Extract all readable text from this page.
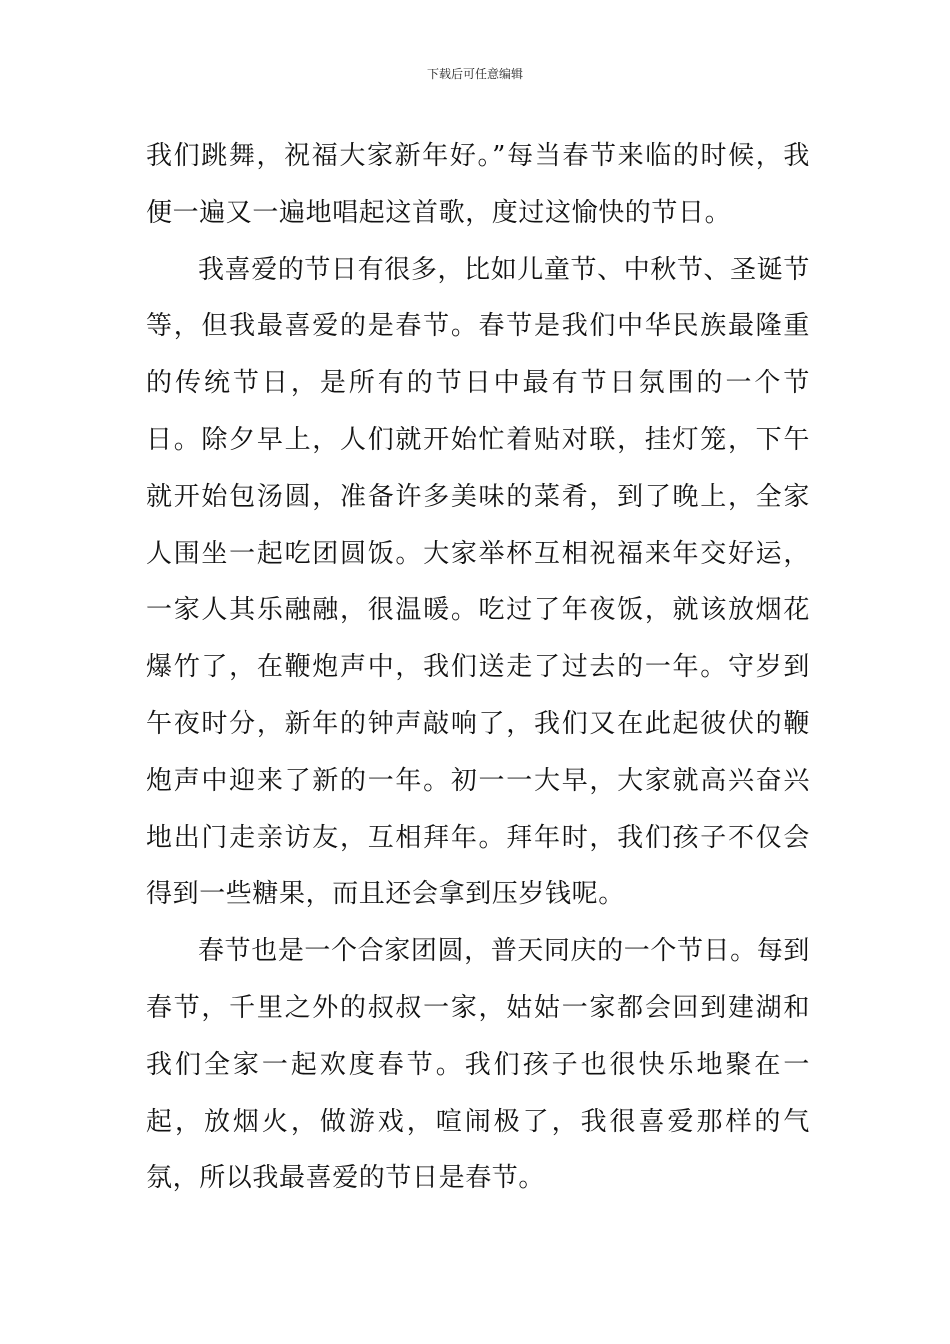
下载后可任意编辑

我们跳舞，祝福大家新年好。”每当春节来临的时候，我便一遍又一遍地唱起这首歌，度过这愉快的节日。

我喜爱的节日有很多，比如儿童节、中秋节、圣诞节等，但我最喜爱的是春节。春节是我们中华民族最隆重的传统节日，是所有的节日中最有节日氛围的一个节日。除夕早上，人们就开始忙着贴对联，挂灯笼，下午就开始包汤圆，准备许多美味的菜肴，到了晚上，全家人围坐一起吃团圆饭。大家举杯互相祝福来年交好运，一家人其乐融融，很温暖。吃过了年夜饭，就该放烟花爆竹了，在鞭炮声中，我们送走了过去的一年。守岁到午夜时分，新年的钟声敲响了，我们又在此起彼伏的鞭炮声中迎来了新的一年。初一一大早，大家就高兴奋兴地出门走亲访友，互相拜年。拜年时，我们孩子不仅会得到一些糖果，而且还会拿到压岁钱呢。

春节也是一个合家团圆，普天同庆的一个节日。每到春节，千里之外的叔叔一家，姑姑一家都会回到建湖和我们全家一起欢度春节。我们孩子也很快乐地聚在一起，放烟火，做游戏，喧闹极了，我很喜爱那样的气氛，所以我最喜爱的节日是春节。
